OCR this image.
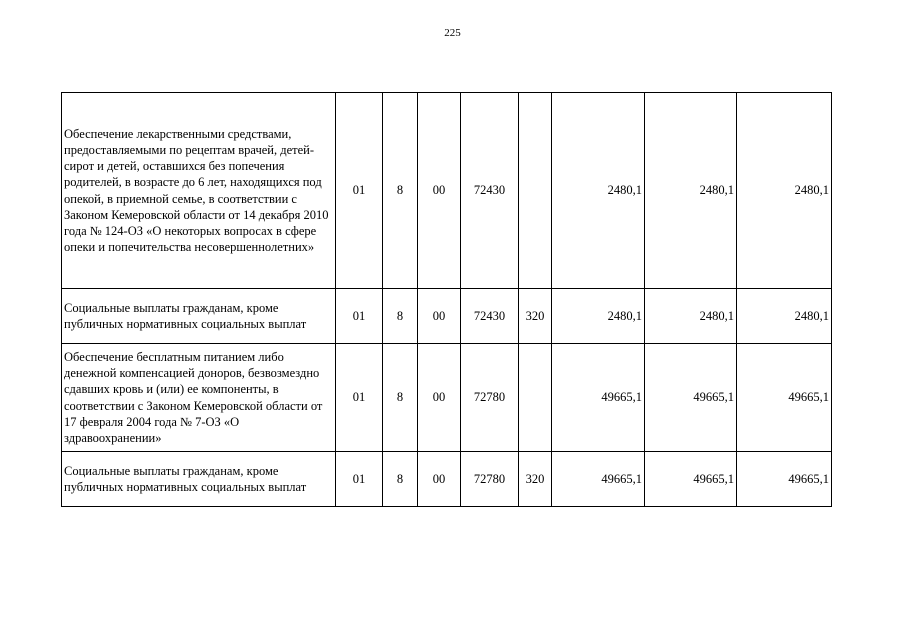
225
Обеспечение лекарственными средствами, предоставляемыми по рецептам врачей, детей-сирот и детей, оставшихся без попечения родителей, в возрасте до 6 лет, находящихся под опекой, в приемной семье, в соответствии с Законом Кемеровской области от 14 декабря 2010 года № 124-ОЗ «О некоторых вопросах в сфере опеки и попечительства несовершеннолетних»	01	8	00	72430		2480,1	2480,1	2480,1
Социальные выплаты гражданам, кроме публичных нормативных социальных выплат	01	8	00	72430	320	2480,1	2480,1	2480,1
Обеспечение бесплатным питанием либо денежной компенсацией доноров, безвозмездно сдавших кровь и (или) ее компоненты, в соответствии с Законом Кемеровской области от 17 февраля 2004 года № 7-ОЗ «О здравоохранении»	01	8	00	72780		49665,1	49665,1	49665,1
Социальные выплаты гражданам, кроме публичных нормативных социальных выплат	01	8	00	72780	320	49665,1	49665,1	49665,1
